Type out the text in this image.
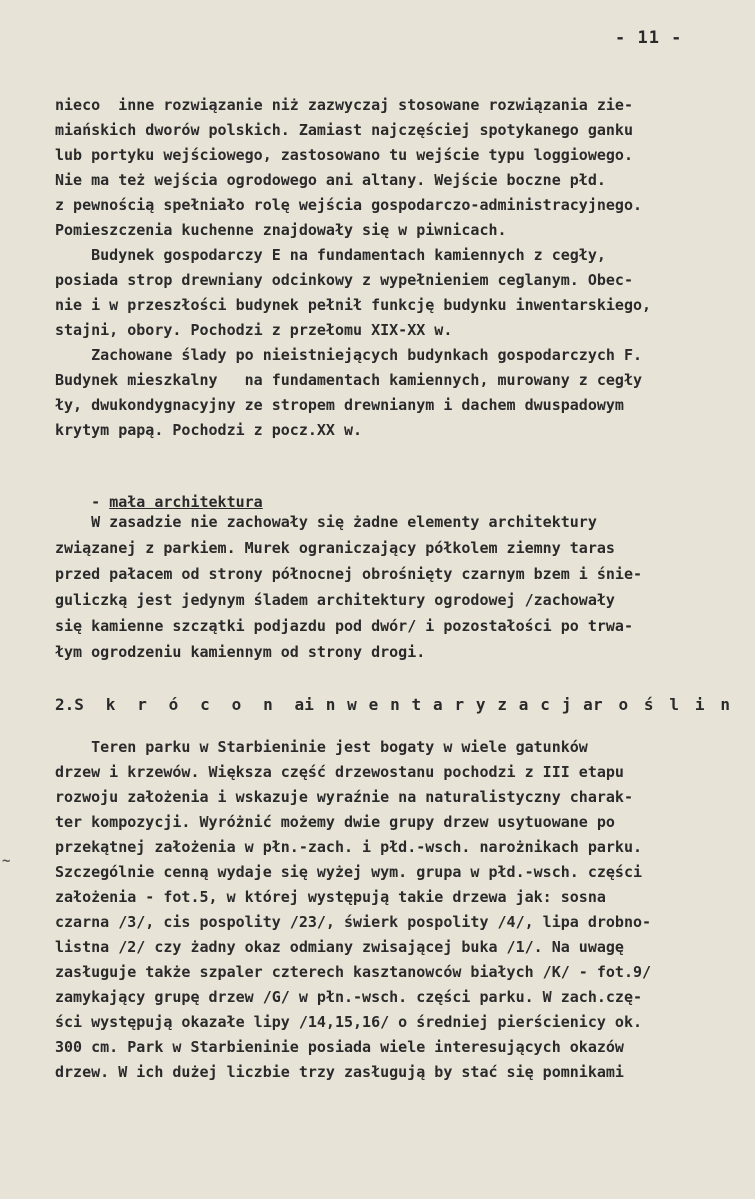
- 11 -
nieco  inne rozwiązanie niż zazwyczaj stosowane rozwiązania zie-
miańskich dworów polskich. Zamiast najczęściej spotykanego ganku
lub portyku wejściowego, zastosowano tu wejście typu loggiowego.
Nie ma też wejścia ogrodowego ani altany. Wejście boczne płd.
z pewnością spełniało rolę wejścia gospodarczo-administracyjnego.
Pomieszczenia kuchenne znajdowały się w piwnicach.
Budynek gospodarczy E na fundamentach kamiennych z cegły,
posiada strop drewniany odcinkowy z wypełnieniem ceglanym. Obec-
nie i w przeszłości budynek pełnił funkcję budynku inwentarskiego,
stajni, obory. Pochodzi z przełomu XIX-XX w.
Zachowane ślady po nieistniejących budynkach gospodarczych F.
Budynek mieszkalny   na fundamentach kamiennych, murowany z cegły
ły, dwukondygnacyjny ze stropem drewnianym i dachem dwuspadowym
krytym papą. Pochodzi z pocz.XX w.

- mała architektura

W zasadzie nie zachowały się żadne elementy architektury
związanej z parkiem. Murek ograniczający półkolem ziemny taras
przed pałacem od strony północnej obrośnięty czarnym bzem i śnie-
guliczką jest jedynym śladem architektury ogrodowej /zachowały
się kamienne szczątki podjazdu pod dwór/ i pozostałości po trwa-
łym ogrodzeniu kamiennym od strony drogi.
2. S k r ó c o n a i n w e n t a r y z a c j a r o ś l i n
Teren parku w Starbieninie jest bogaty w wiele gatunków
drzew i krzewów. Większa część drzewostanu pochodzi z III etapu
rozwoju założenia i wskazuje wyraźnie na naturalistyczny charak-
ter kompozycji. Wyróżnić możemy dwie grupy drzew usytuowane po
przekątnej założenia w płn.-zach. i płd.-wsch. narożnikach parku.
Szczególnie cenną wydaje się wyżej wym. grupa w płd.-wsch. części
założenia - fot.5, w której występują takie drzewa jak: sosna
czarna /3/, cis pospolity /23/, świerk pospolity /4/, lipa drobno-
listna /2/ czy żadny okaz odmiany zwisającej buka /1/. Na uwagę
zasługuje także szpaler czterech kasztanowców białych /K/ - fot.9/
zamykający grupę drzew /G/ w płn.-wsch. części parku. W zach.czę-
ści występują okazałe lipy /14,15,16/ o średniej pierścienicy ok.
300 cm. Park w Starbieninie posiada wiele interesujących okazów
drzew. W ich dużej liczbie trzy zasługują by stać się pomnikami
~
